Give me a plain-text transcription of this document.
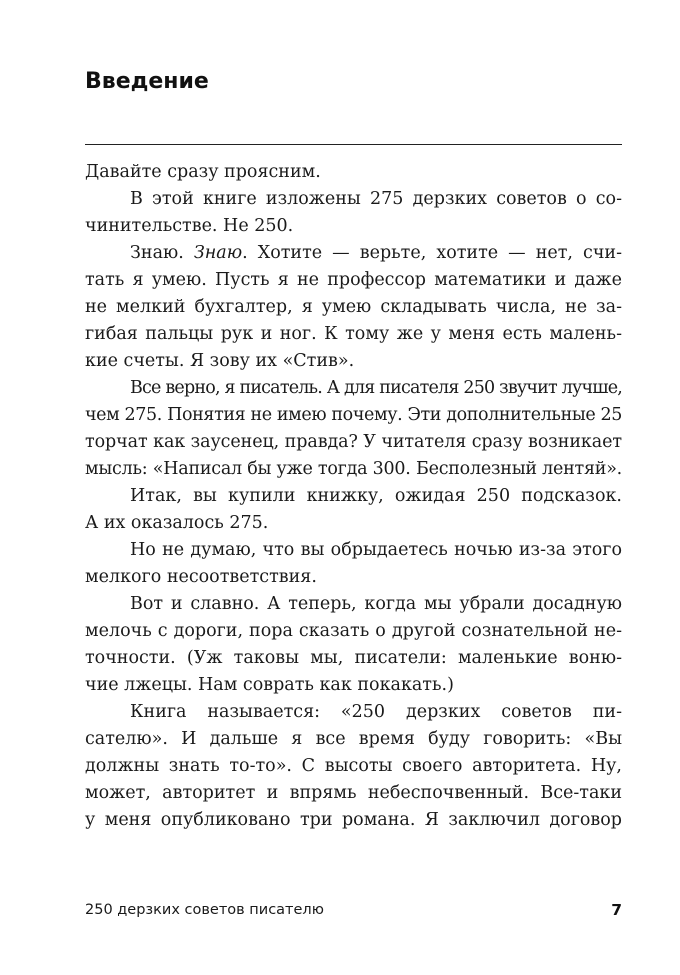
Введение
Давайте сразу проясним.
В этой книге изложены 275 дерзких советов о со-
чинительстве. Не 250.
Знаю. Знаю. Хотите — верьте, хотите — нет, счи-
тать я умею. Пусть я не профессор математики и даже
не мелкий бухгалтер, я умею складывать числа, не за-
гибая пальцы рук и ног. К тому же у меня есть малень-
кие счеты. Я зову их «Стив».
Все верно, я писатель. А для писателя 250 звучит лучше,
чем 275. Понятия не имею почему. Эти дополнительные 25
торчат как заусенец, правда? У читателя сразу возникает
мысль: «Написал бы уже тогда 300. Бесполезный лентяй».
Итак, вы купили книжку, ожидая 250 подсказок.
А их оказалось 275.
Но не думаю, что вы обрыдаетесь ночью из-за этого
мелкого несоответствия.
Вот и славно. А теперь, когда мы убрали досадную
мелочь с дороги, пора сказать о другой сознательной не-
точности. (Уж таковы мы, писатели: маленькие воню-
чие лжецы. Нам соврать как покакать.)
Книга называется: «250 дерзких советов пи-
сателю». И дальше я все время буду говорить: «Вы
должны знать то-то». С высоты своего авторитета. Ну,
может, авторитет и впрямь небеспочвенный. Все-таки
у меня опубликовано три романа. Я заключил договор
250 дерзких советов писателю	7
